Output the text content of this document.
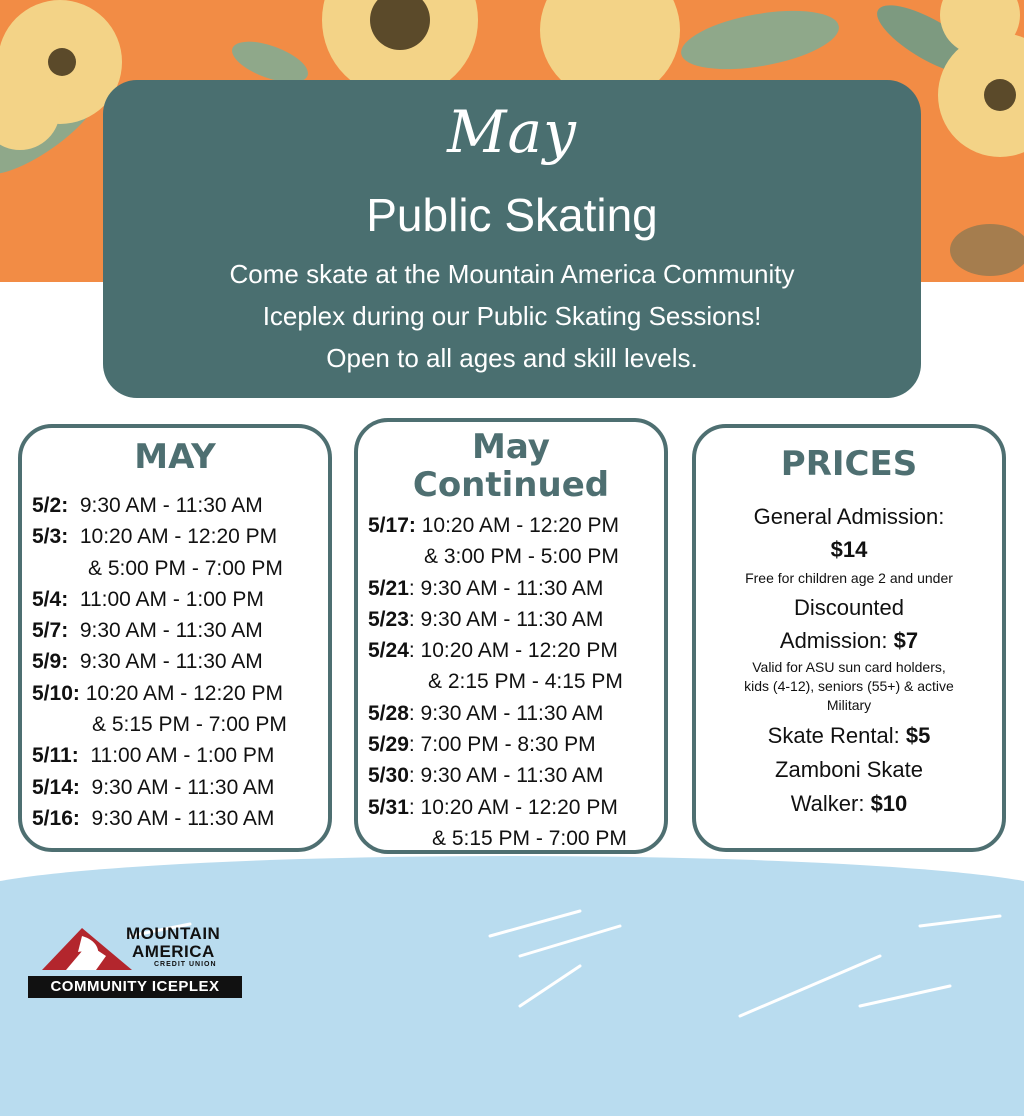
May
Public Skating
Come skate at the Mountain America Community
Iceplex during our Public Skating Sessions!
Open to all ages and skill levels.
MAY
5/2: 9:30 AM - 11:30 AM
5/3: 10:20 AM - 12:20 PM
& 5:00 PM - 7:00 PM
5/4: 11:00 AM - 1:00 PM
5/7: 9:30 AM - 11:30 AM
5/9: 9:30 AM - 11:30 AM
5/10: 10:20 AM - 12:20 PM
& 5:15 PM - 7:00 PM
5/11: 11:00 AM - 1:00 PM
5/14: 9:30 AM - 11:30 AM
5/16: 9:30 AM - 11:30 AM
May
Continued
5/17: 10:20 AM - 12:20 PM
& 3:00 PM - 5:00 PM
5/21: 9:30 AM - 11:30 AM
5/23: 9:30 AM - 11:30 AM
5/24: 10:20 AM - 12:20 PM
& 2:15 PM - 4:15 PM
5/28: 9:30 AM - 11:30 AM
5/29: 7:00 PM - 8:30 PM
5/30: 9:30 AM - 11:30 AM
5/31: 10:20 AM - 12:20 PM
& 5:15 PM - 7:00 PM
PRICES
General Admission:
$14
Free for children age 2 and under
Discounted
Admission: $7
Valid for ASU sun card holders,
kids (4-12), seniors (55+) & active
Military
Skate Rental: $5
Zamboni Skate
Walker: $10
MOUNTAIN
AMERICA
CREDIT UNION
COMMUNITY ICEPLEX
